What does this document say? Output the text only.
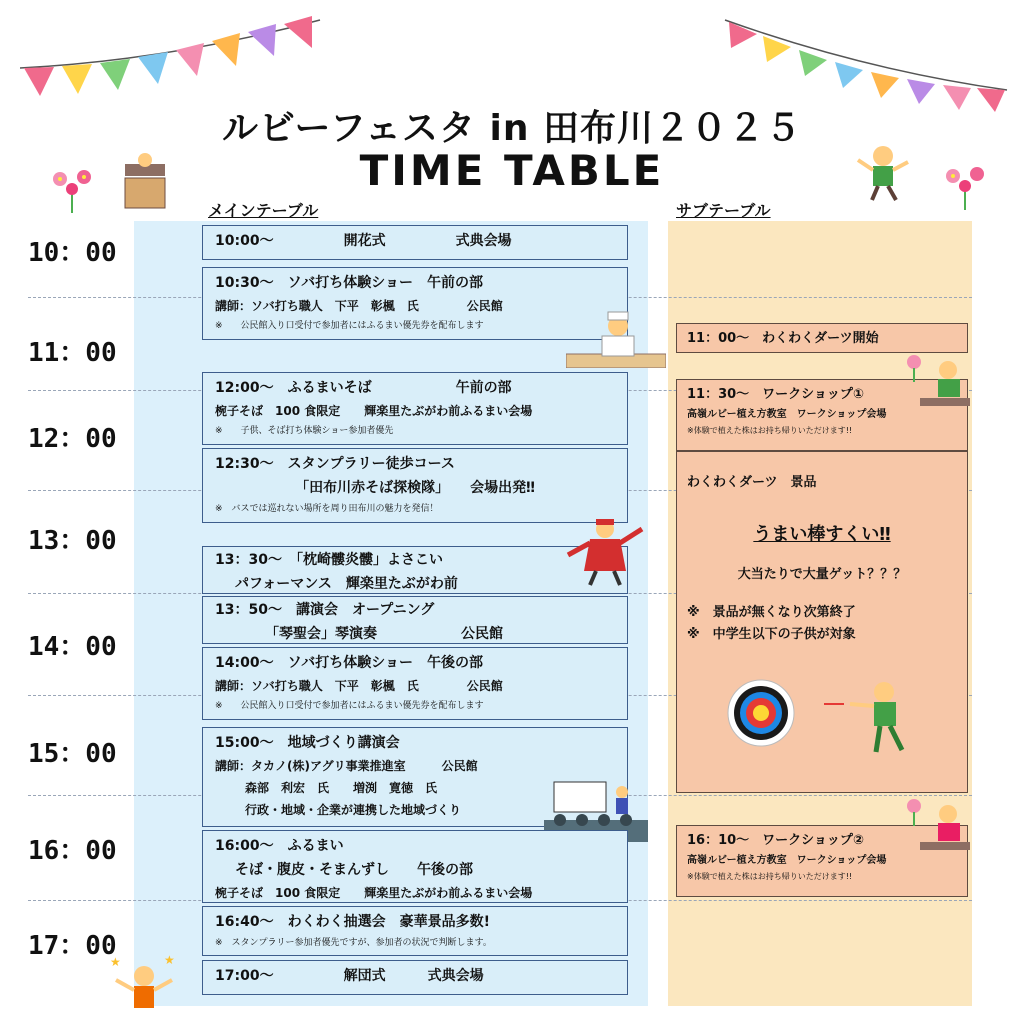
ルビーフェスタ in 田布川２０２５
TIME TABLE
メインテーブル	サブテーブル
10：00
11：00
12：00
13：00
14：00
15：00
16：00
17：00
10:00～　　　　　開花式　　　　　式典会場
10:30～　ソバ打ち体験ショー　午前の部
講師：ソバ打ち職人　下平　彰楓　氏　　　　公民館
※　　公民館入り口受付で参加者にはふるまい優先券を配布します
12:00～　ふるまいそば　　　　　　午前の部
椀子そば　100 食限定　　輝楽里たぶがわ前ふるまい会場
※　　子供、そば打ち体験ショー参加者優先
12:30～　スタンプラリー徒歩コース
「田布川赤そば探検隊」　　会場出発‼
※　バスでは巡れない場所を周り田布川の魅力を発信！
13：30～　「枕崎髏炎髏」よさこい
パフォーマンス　輝楽里たぶがわ前
13：50～　講演会　オープニング
「琴聖会」琴演奏　　　　　　公民館
14:00～　ソバ打ち体験ショー　午後の部
講師：ソバ打ち職人　下平　彰楓　氏　　　　公民館
※　　公民館入り口受付で参加者にはふるまい優先券を配布します
15:00～　地域づくり講演会
講師：タカノ(株)アグリ事業推進室　　　公民館
森部　利宏　氏　　増渕　寛徳　氏
行政・地域・企業が連携した地域づくり
16:00～　ふるまい
そば・腹皮・そまんずし　　午後の部
椀子そば　100 食限定　　輝楽里たぶがわ前ふるまい会場
16:40～　わくわく抽選会　豪華景品多数!
※　スタンプラリー参加者優先ですが、参加者の状況で判断します。
17:00～　　　　　解団式　　　式典会場
★	★
11：00～　わくわくダーツ開始
11：30～　ワークショップ①
高嶺ルビー植え方教室　ワークショップ会場
※体験で植えた株はお持ち帰りいただけます!!
わくわくダーツ　景品
うまい棒すくい‼
大当たりで大量ゲット？？？
※　景品が無くなり次第終了
※　中学生以下の子供が対象
16：10～　ワークショップ②
高嶺ルビー植え方教室　ワークショップ会場
※体験で植えた株はお持ち帰りいただけます!!
